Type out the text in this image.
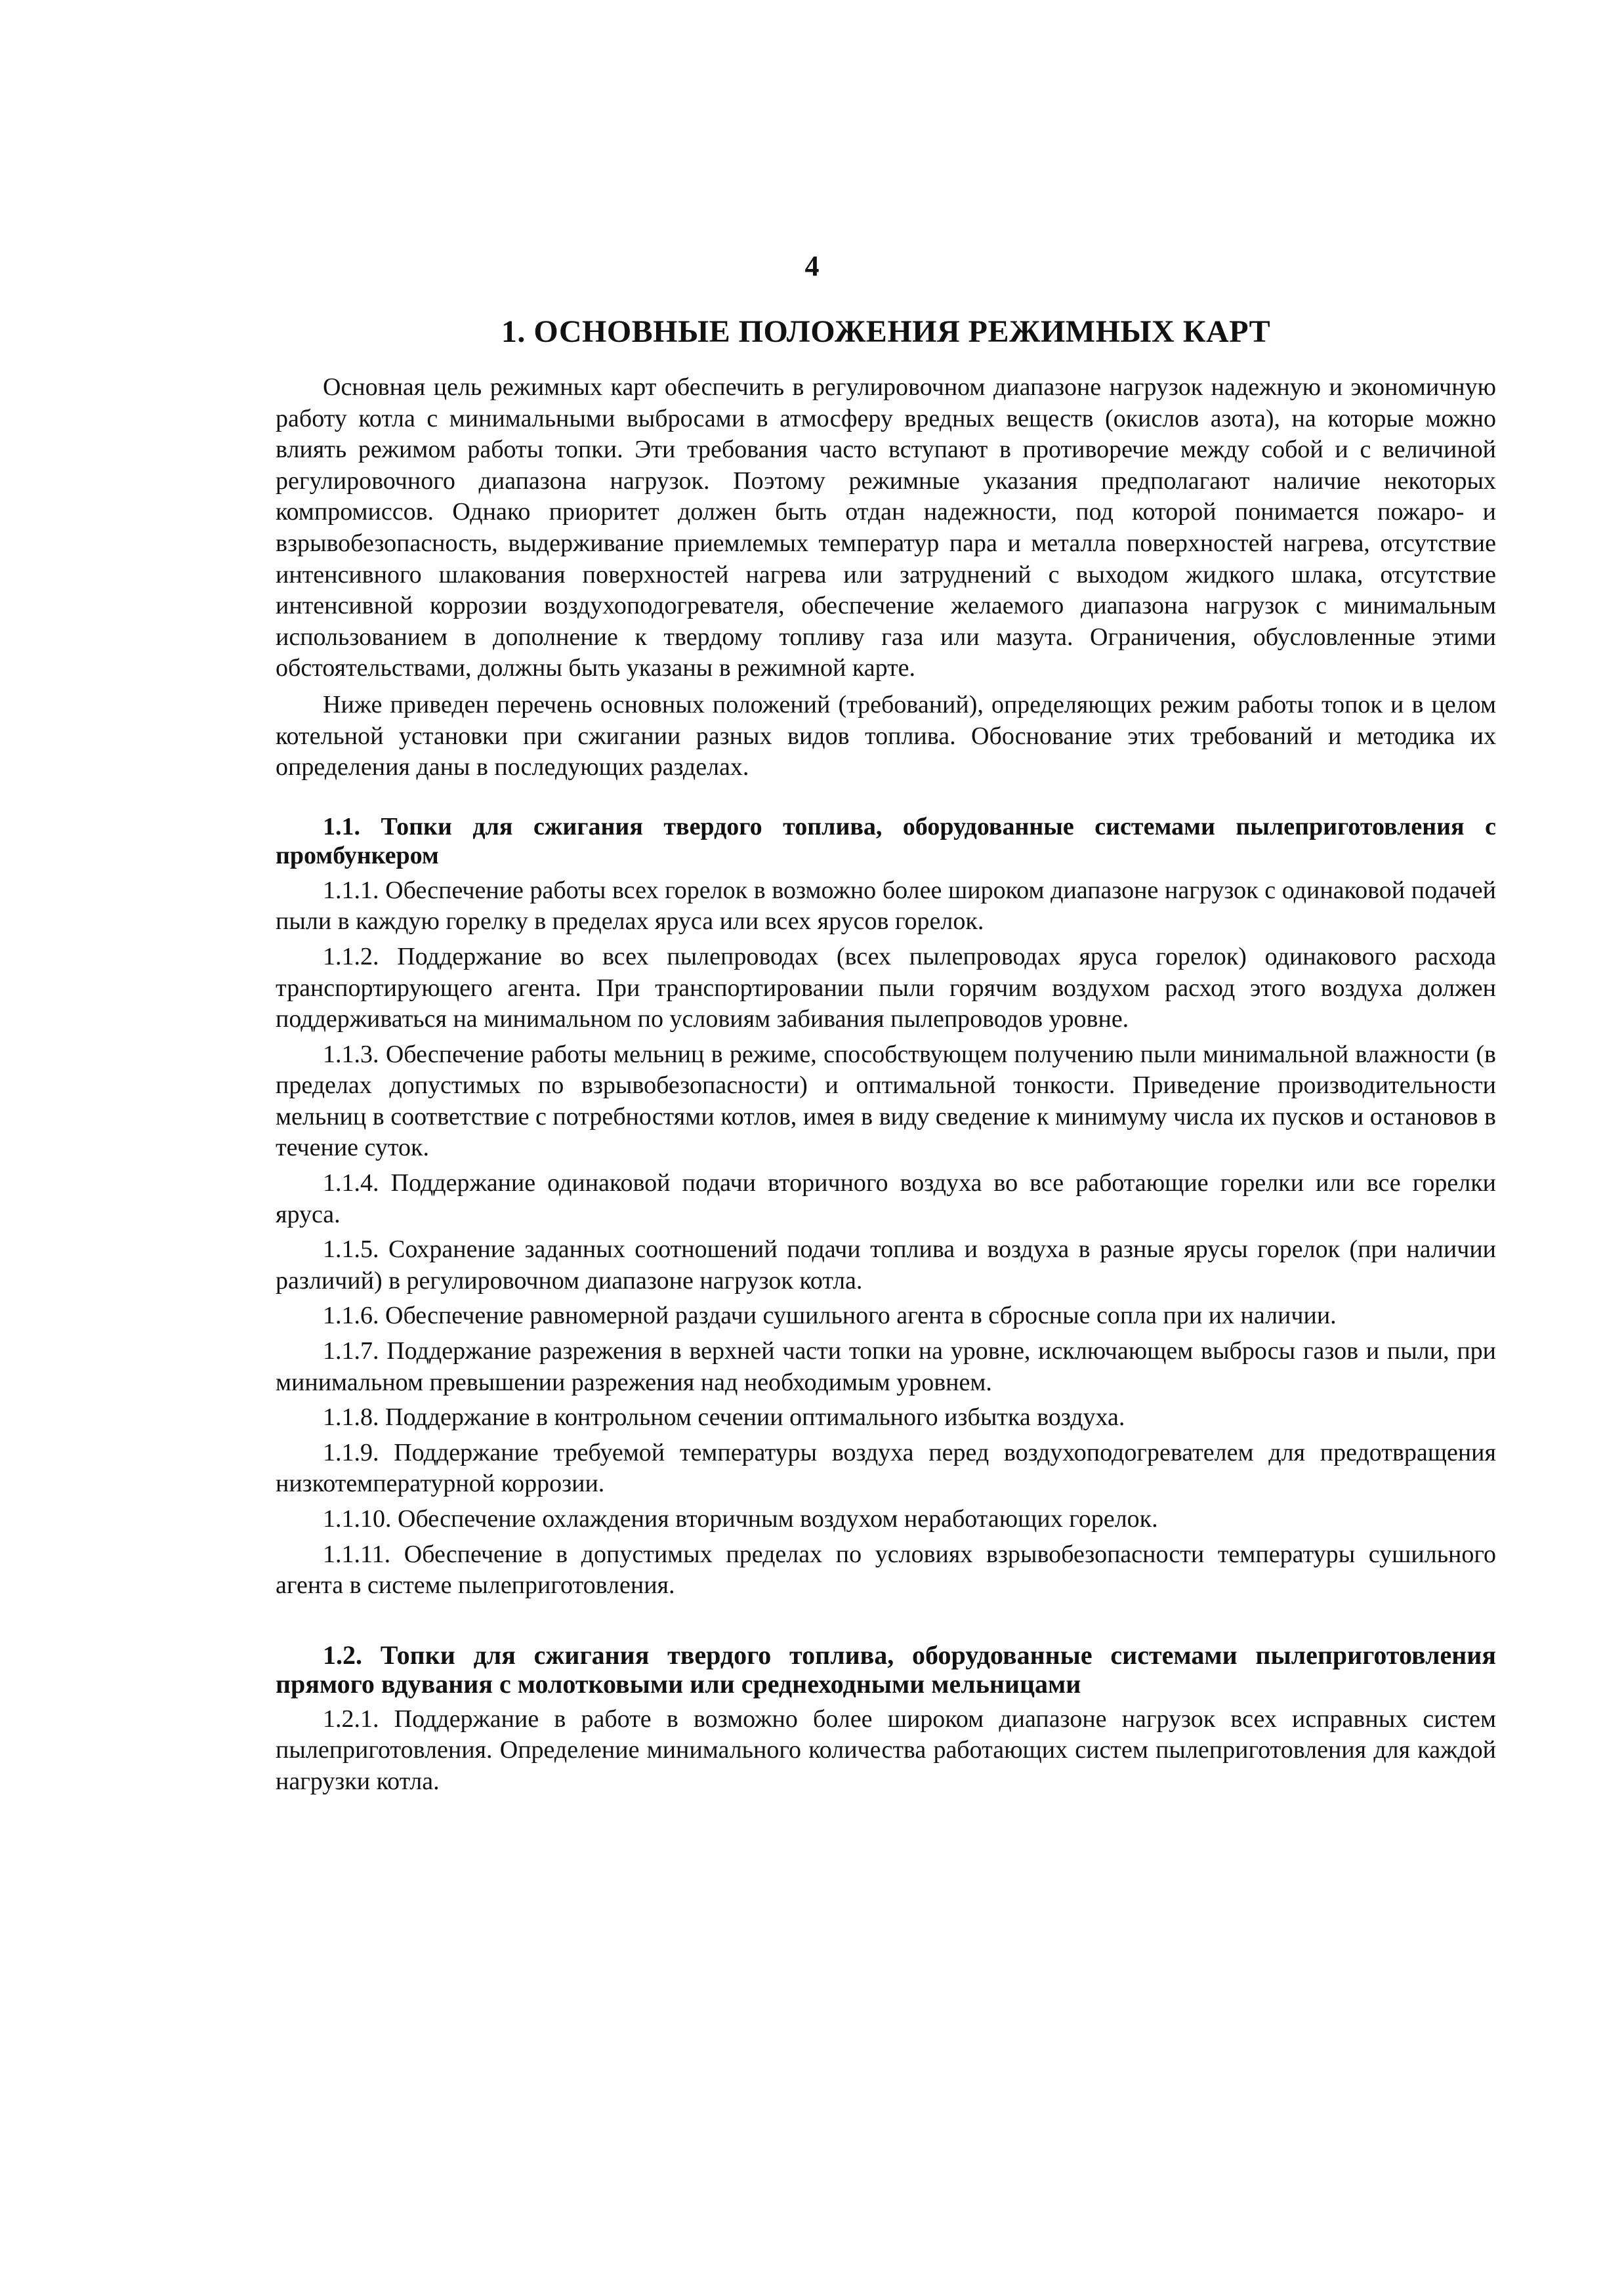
4
1. ОСНОВНЫЕ ПОЛОЖЕНИЯ РЕЖИМНЫХ КАРТ

Основная цель режимных карт обеспечить в регулировочном диапазоне нагрузок надежную и экономичную работу котла с минимальными выбросами в атмосферу вредных веществ (окислов азота), на которые можно влиять режимом работы топки. Эти требования часто вступают в противоречие между собой и с величиной регулировочного диапазона нагрузок. Поэтому режимные указания предполагают наличие некоторых компромиссов. Однако приоритет должен быть отдан надежности, под которой понимается пожаро- и взрывобезопасность, выдерживание приемлемых температур пара и металла поверхностей нагрева, отсутствие интенсивного шлакования поверхностей нагрева или затруднений с выходом жидкого шлака, отсутствие интенсивной коррозии воздухоподогревателя, обеспечение желаемого диапазона нагрузок с минимальным использованием в дополнение к твердому топливу газа или мазута. Ограничения, обусловленные этими обстоятельствами, должны быть указаны в режимной карте.

Ниже приведен перечень основных положений (требований), определяющих режим работы топок и в целом котельной установки при сжигании разных видов топлива. Обоснование этих требований и методика их определения даны в последующих разделах.

1.1. Топки для сжигания твердого топлива, оборудованные системами пылеприготовления с промбункером

1.1.1. Обеспечение работы всех горелок в возможно более широком диапазоне нагрузок с одинаковой подачей пыли в каждую горелку в пределах яруса или всех ярусов горелок.

1.1.2. Поддержание во всех пылепроводах (всех пылепроводах яруса горелок) одинакового расхода транспортирующего агента. При транспортировании пыли горячим воздухом расход этого воздуха должен поддерживаться на минимальном по условиям забивания пылепроводов уровне.

1.1.3. Обеспечение работы мельниц в режиме, способствующем получению пыли минимальной влажности (в пределах допустимых по взрывобезопасности) и оптимальной тонкости. Приведение производительности мельниц в соответствие с потребностями котлов, имея в виду сведение к минимуму числа их пусков и остановов в течение суток.

1.1.4. Поддержание одинаковой подачи вторичного воздуха во все работающие горелки или все горелки яруса.

1.1.5. Сохранение заданных соотношений подачи топлива и воздуха в разные ярусы горелок (при наличии различий) в регулировочном диапазоне нагрузок котла.

1.1.6. Обеспечение равномерной раздачи сушильного агента в сбросные сопла при их наличии.

1.1.7. Поддержание разрежения в верхней части топки на уровне, исключающем выбросы газов и пыли, при минимальном превышении разрежения над необходимым уровнем.

1.1.8. Поддержание в контрольном сечении оптимального избытка воздуха.

1.1.9. Поддержание требуемой температуры воздуха перед воздухоподогревателем для предотвращения низкотемпературной коррозии.

1.1.10. Обеспечение охлаждения вторичным воздухом неработающих горелок.

1.1.11. Обеспечение в допустимых пределах по условиях взрывобезопасности температуры сушильного агента в системе пылеприготовления.

1.2. Топки для сжигания твердого топлива, оборудованные системами пылеприготовления прямого вдувания с молотковыми или среднеходными мельницами

1.2.1. Поддержание в работе в возможно более широком диапазоне нагрузок всех исправных систем пылеприготовления. Определение минимального количества работающих систем пылеприготовления для каждой нагрузки котла.
